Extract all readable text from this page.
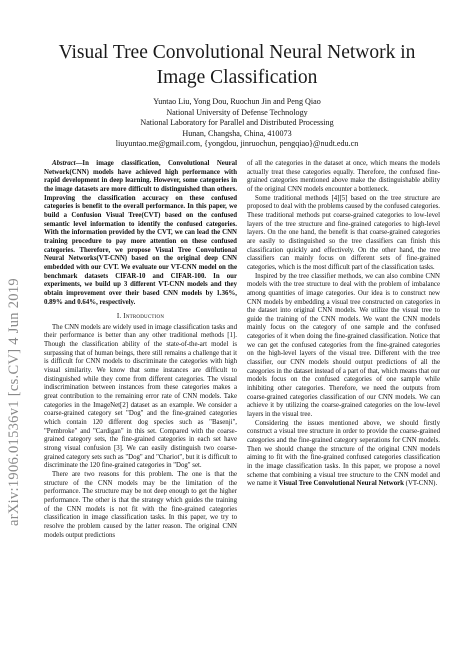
arXiv:1906.01536v1 [cs.CV] 4 Jun 2019
Visual Tree Convolutional Neural Network in Image Classification
Yuntao Liu, Yong Dou, Ruochun Jin and Peng Qiao
National University of Defense Technology
National Laboratory for Parallel and Distributed Processing
Hunan, Changsha, China, 410073
liuyuntao.me@gmail.com, {yongdou, jinruochun, pengqiao}@nudt.edu.cn

Abstract—In image classification, Convolutional Neural Network(CNN) models have achieved high performance with rapid development in deep learning. However, some categories in the image datasets are more difficult to distinguished than others. Improving the classification accuracy on these confused categories is benefit to the overall performance. In this paper, we build a Confusion Visual Tree(CVT) based on the confused semantic level information to identify the confused categories. With the information provided by the CVT, we can lead the CNN training procedure to pay more attention on these confused categories. Therefore, we propose Visual Tree Convolutional Neural Networks(VT-CNN) based on the original deep CNN embedded with our CVT. We evaluate our VT-CNN model on the benchmark datasets CIFAR-10 and CIFAR-100. In our experiments, we build up 3 different VT-CNN models and they obtain improvement over their based CNN models by 1.36%, 0.89% and 0.64%, respectively.

I. Introduction

The CNN models are widely used in image classification tasks and their performance is better than any other traditional methods [1]. Though the classification ability of the state-of-the-art model is surpassing that of human beings, there still remains a challenge that it is difficult for CNN models to discriminate the categories with high visual similarity. We know that some instances are difficult to distinguished while they come from different categories. The visual indiscrimination between instances from these categories makes a great contribution to the remaining error rate of CNN models. Take categories in the ImageNet[2] dataset as an example. We consider a coarse-grained category set "Dog" and the fine-grained categories which contain 120 different dog species such as "Basenji", "Pembroke" and "Cardigan" in this set. Compared with the coarse-grained category sets, the fine-grained categories in each set have strong visual confusion [3]. We can easily distinguish two coarse-grained category sets such as "Dog" and "Chariot", but it is difficult to discriminate the 120 fine-grained categories in "Dog" set.

There are two reasons for this problem. The one is that the structure of the CNN models may be the limitation of the performance. The structure may be not deep enough to get the higher performance. The other is that the strategy which guides the training of the CNN models is not fit with the fine-grained categories classification in image classification tasks. In this paper, we try to resolve the problem caused by the latter reason. The original CNN models output predictions

of all the categories in the dataset at once, which means the models actually treat these categories equally. Therefore, the confused fine-grained categories mentioned above make the distinguishable ability of the original CNN models encounter a bottleneck.

Some traditional methods [4][5] based on the tree structure are proposed to deal with the problems caused by the confused categories. These traditional methods put coarse-grained categories to low-level layers of the tree structure and fine-grained categories to high-level layers. On the one hand, the benefit is that coarse-grained categories are easily to distinguished so the tree classifiers can finish this classification quickly and effectively. On the other hand, the tree classifiers can mainly focus on different sets of fine-grained categories, which is the most difficult part of the classification tasks.

Inspired by the tree classifier methods, we can also combine CNN models with the tree structure to deal with the problem of imbalance among quantities of image categories. Our idea is to construct new CNN models by embedding a visual tree constructed on categories in the dataset into original CNN models. We utilize the visual tree to guide the training of the CNN models. We want the CNN models mainly focus on the category of one sample and the confused categories of it when doing the fine-grained classification. Notice that we can get the confused categories from the fine-grained categories on the high-level layers of the visual tree. Different with the tree classifier, our CNN models should output predictions of all the categories in the dataset instead of a part of that, which means that our models focus on the confused categories of one sample while inhibiting other categories. Therefore, we need the outputs from coarse-grained categories classification of our CNN models. We can achieve it by utilizing the coarse-grained categories on the low-level layers in the visual tree.

Considering the issues mentioned above, we should firstly construct a visual tree structure in order to provide the coarse-grained categories and the fine-grained category seperations for CNN models. Then we should change the structure of the original CNN models aiming to fit with the fine-grained confused categories classification in the image classification tasks. In this paper, we propose a novel scheme that combining a visual tree structure to the CNN model and we name it Visual Tree Convolutional Neural Network (VT-CNN).
